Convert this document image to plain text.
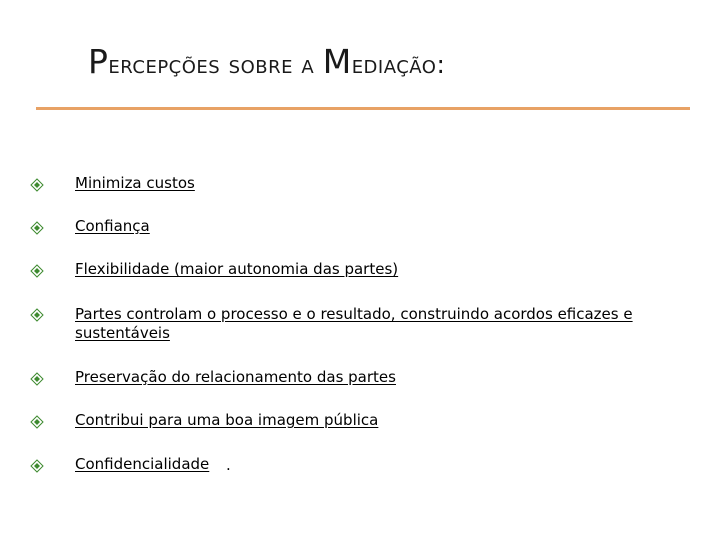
Percepções sobre a Mediação:
Minimiza custos
Confiança
Flexibilidade (maior autonomia das partes)
Partes controlam o processo e o resultado, construindo acordos eficazes e sustentáveis
Preservação do relacionamento das partes
Contribui para uma boa imagem pública
Confidencialidade .
